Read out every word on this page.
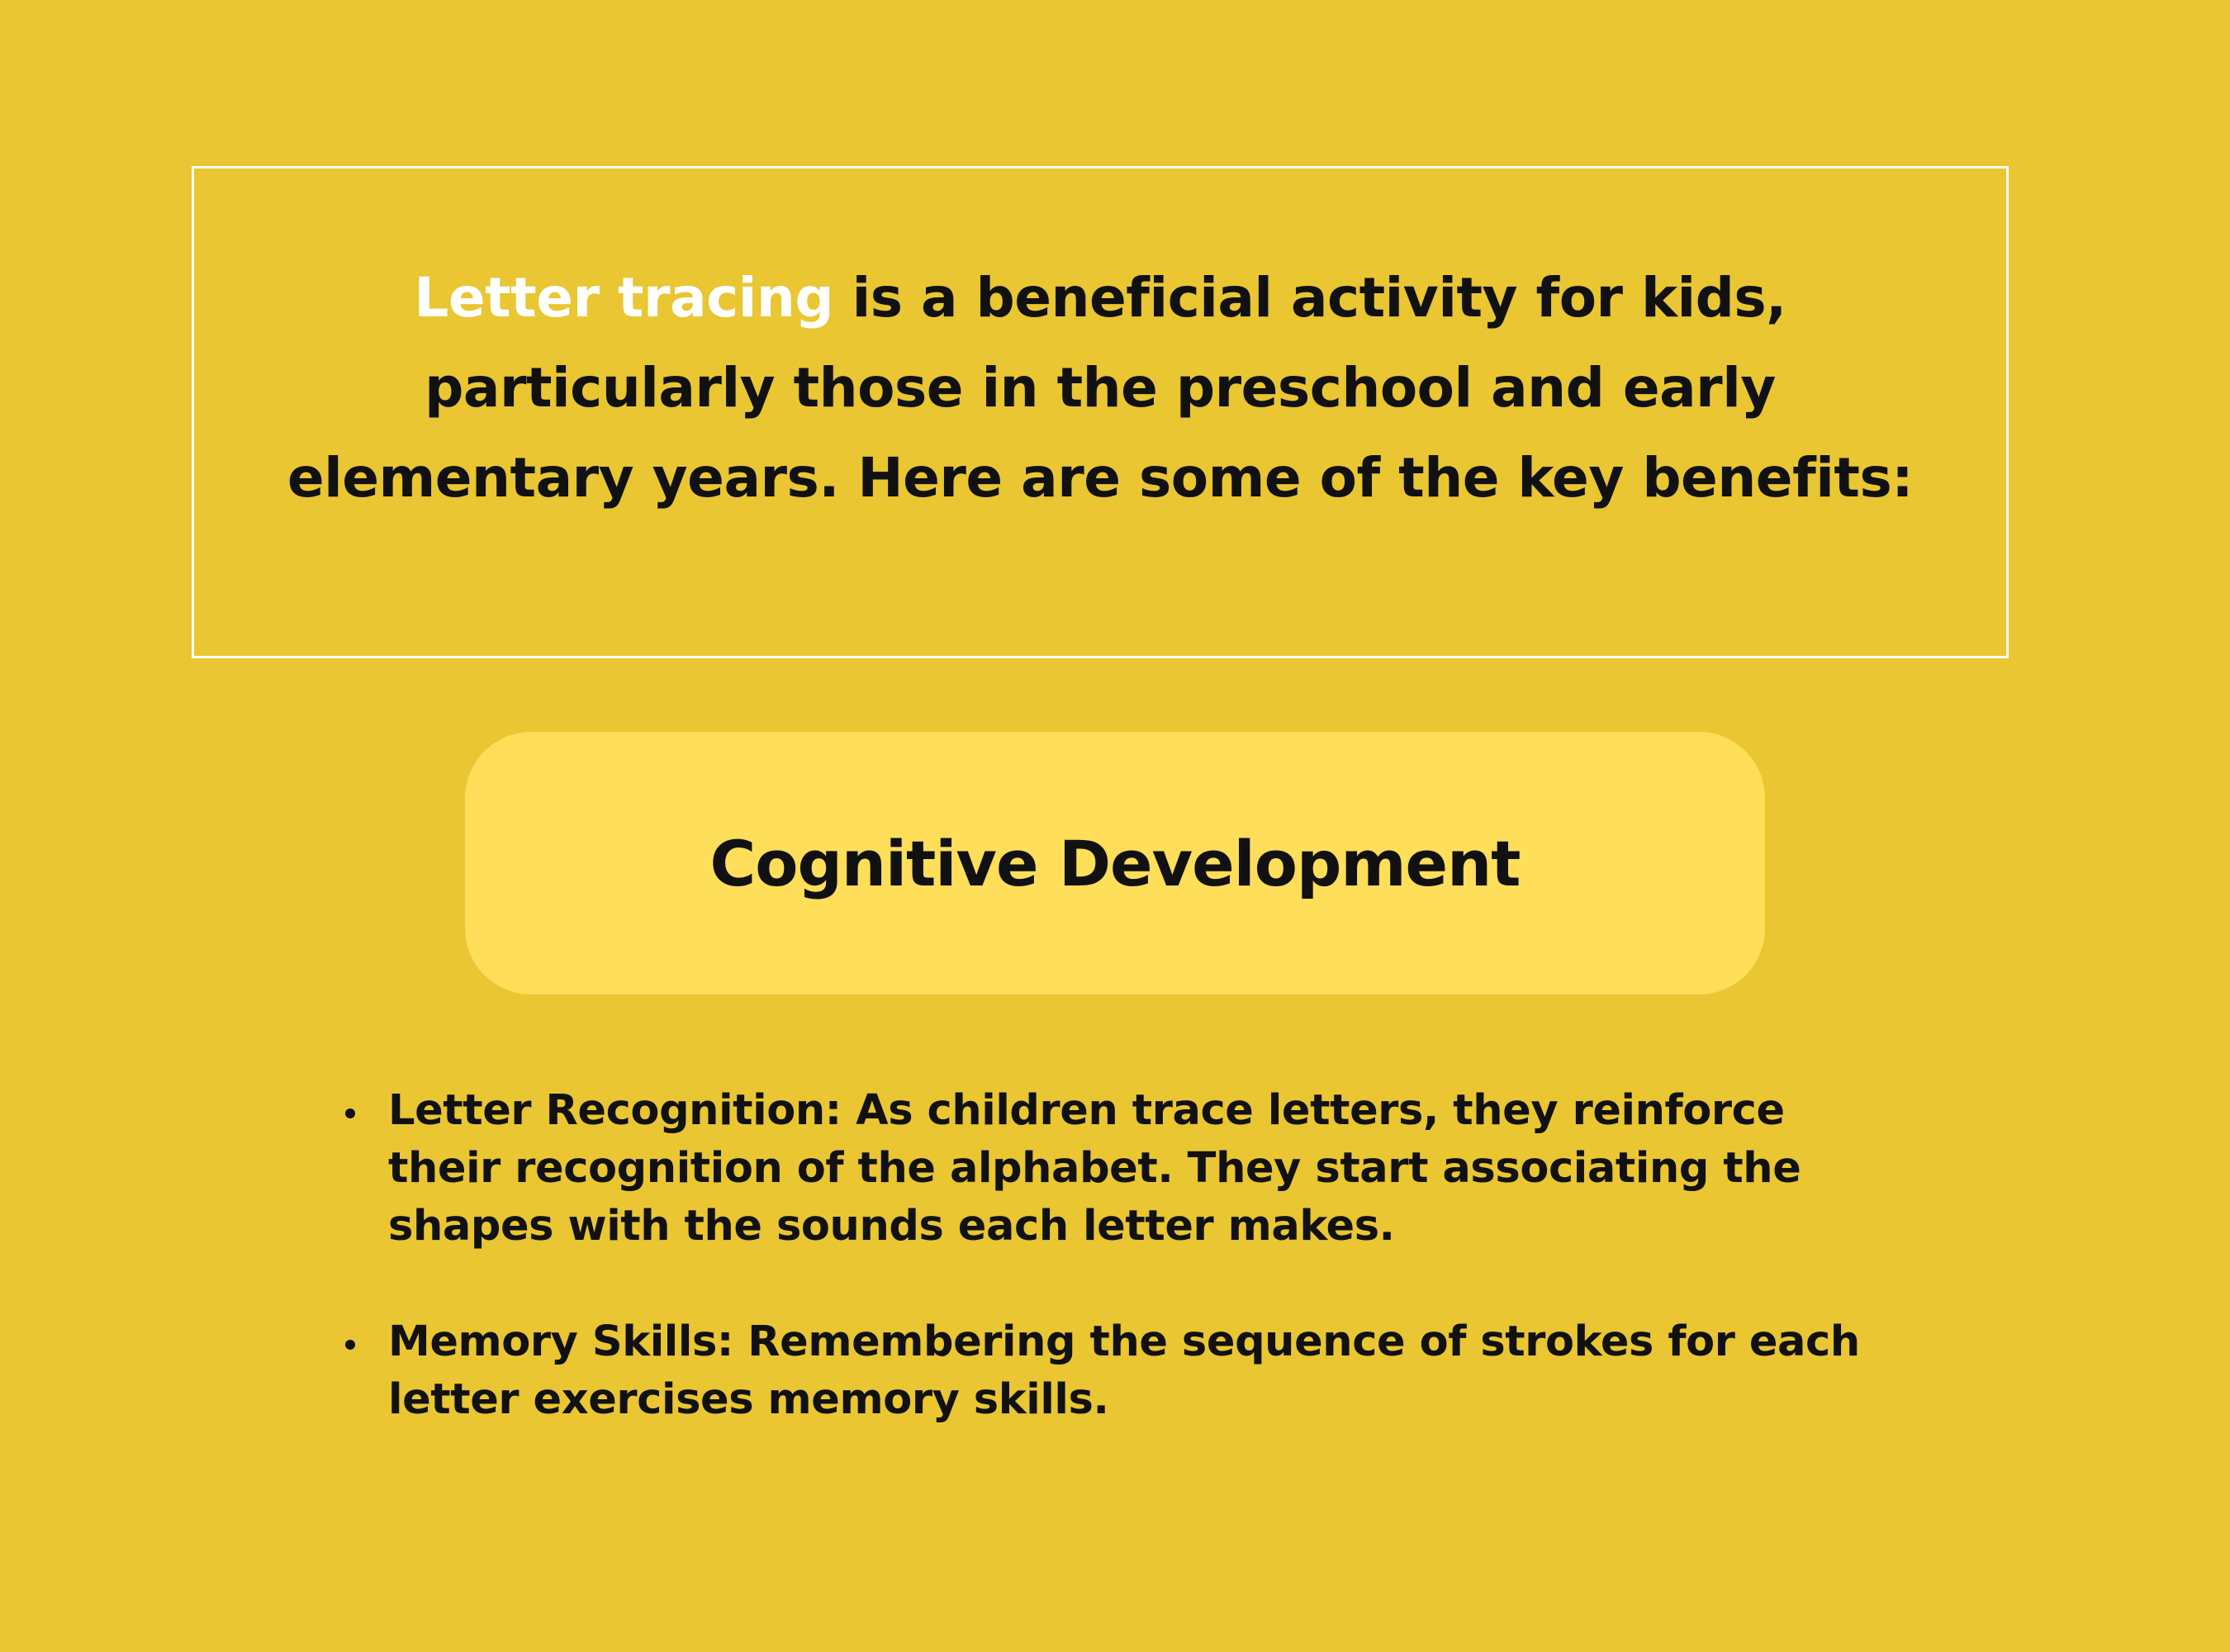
Letter tracing is a beneficial activity for kids, particularly those in the preschool and early elementary years. Here are some of the key benefits:

Cognitive Development
Letter Recognition: As children trace letters, they reinforce their recognition of the alphabet. They start associating the shapes with the sounds each letter makes.
Memory Skills: Remembering the sequence of strokes for each letter exercises memory skills.
